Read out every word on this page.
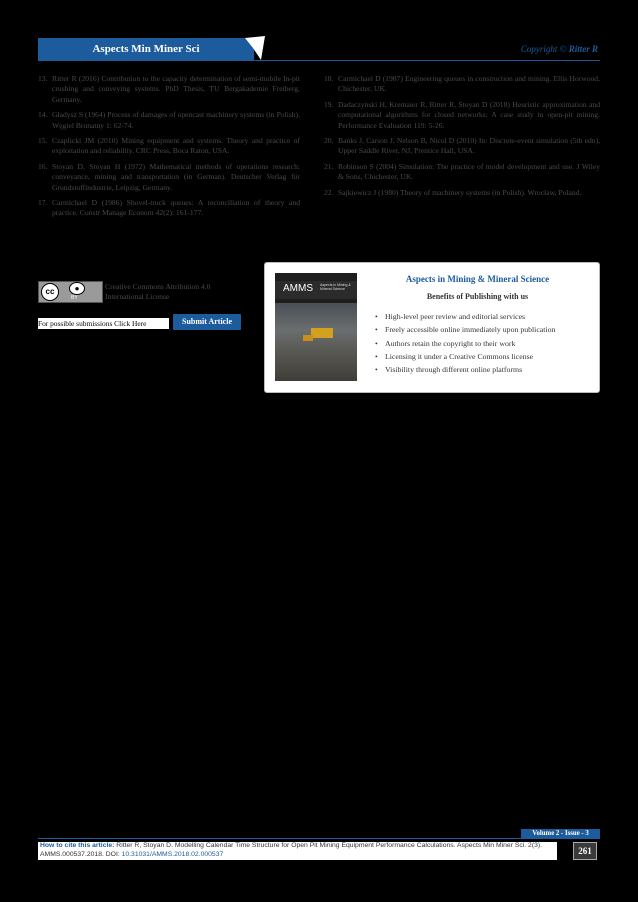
Aspects Min Miner Sci	Copyright © Ritter R
13. Ritter R (2016) Contribution to the capacity determination of semi-mobile In-pit crushing and conveying systems. PhD Thesis, TU Bergakademie Freiberg, Germany.
14. Gładysz S (1964) Process of damages of opencast machinery systems (in Polish). Węgiel Brunatny 1: 62-74.
15. Czaplicki JM (2010) Mining equipment and systems. Theory and practice of exploitation and reliability. CRC Press, Boca Raton, USA.
16. Stoyan D, Stoyan H (1972) Mathematical methods of operations research: conveyance, mining and transportation (in German). Deutscher Verlag für Grundstoffindustrie, Leipzig, Germany.
17. Carmichael D (1986) Shovel-truck queues: A reconciliation of theory and practice. Constr Manage Econom 42(2): 161-177.
18. Carmichael D (1987) Engineering queues in construction and mining. Ellis Horwood, Chichester, UK.
19. Dadaczynski H, Kremaier R, Ritter R, Stoyan D (2018) Heuristic approximation and computational algorithms for closed networks: A case study in open-pit mining. Performance Evaluation 119: 5-26.
20. Banks J, Carson J, Nelson B, Nicol D (2010) In: Discrete-event simulation (5th edn), Upper Saddle River, NJ, Prentice Hall, USA.
21. Robinson S (2004) Simulation: The practice of model development and use. J Wiley & Sons, Chichester, UK.
22. Sajkiewicz J (1980) Theory of machinery systems (in Polish). Wrocław, Poland.
cc	●
BY
Creative Commons Attribution 4.0
International License
For possible submissions Click Here	Submit Article
AMMS Aspects in Mining & Mineral Science
Aspects in Mining & Mineral Science
Benefits of Publishing with us
• High-level peer review and editorial services
• Freely accessible online immediately upon publication
• Authors retain the copyright to their work
• Licensing it under a Creative Commons license
• Visibility through different online platforms
Volume 2 - Issue - 3
How to cite this article: Ritter R, Stoyan D. Modelling Calendar Time Structure for Open Pit Mining Equipment Performance Calculations. Aspects Min Miner Sci. 2(3). AMMS.000537.2018. DOI: 10.31031/AMMS.2018.02.000537	261
